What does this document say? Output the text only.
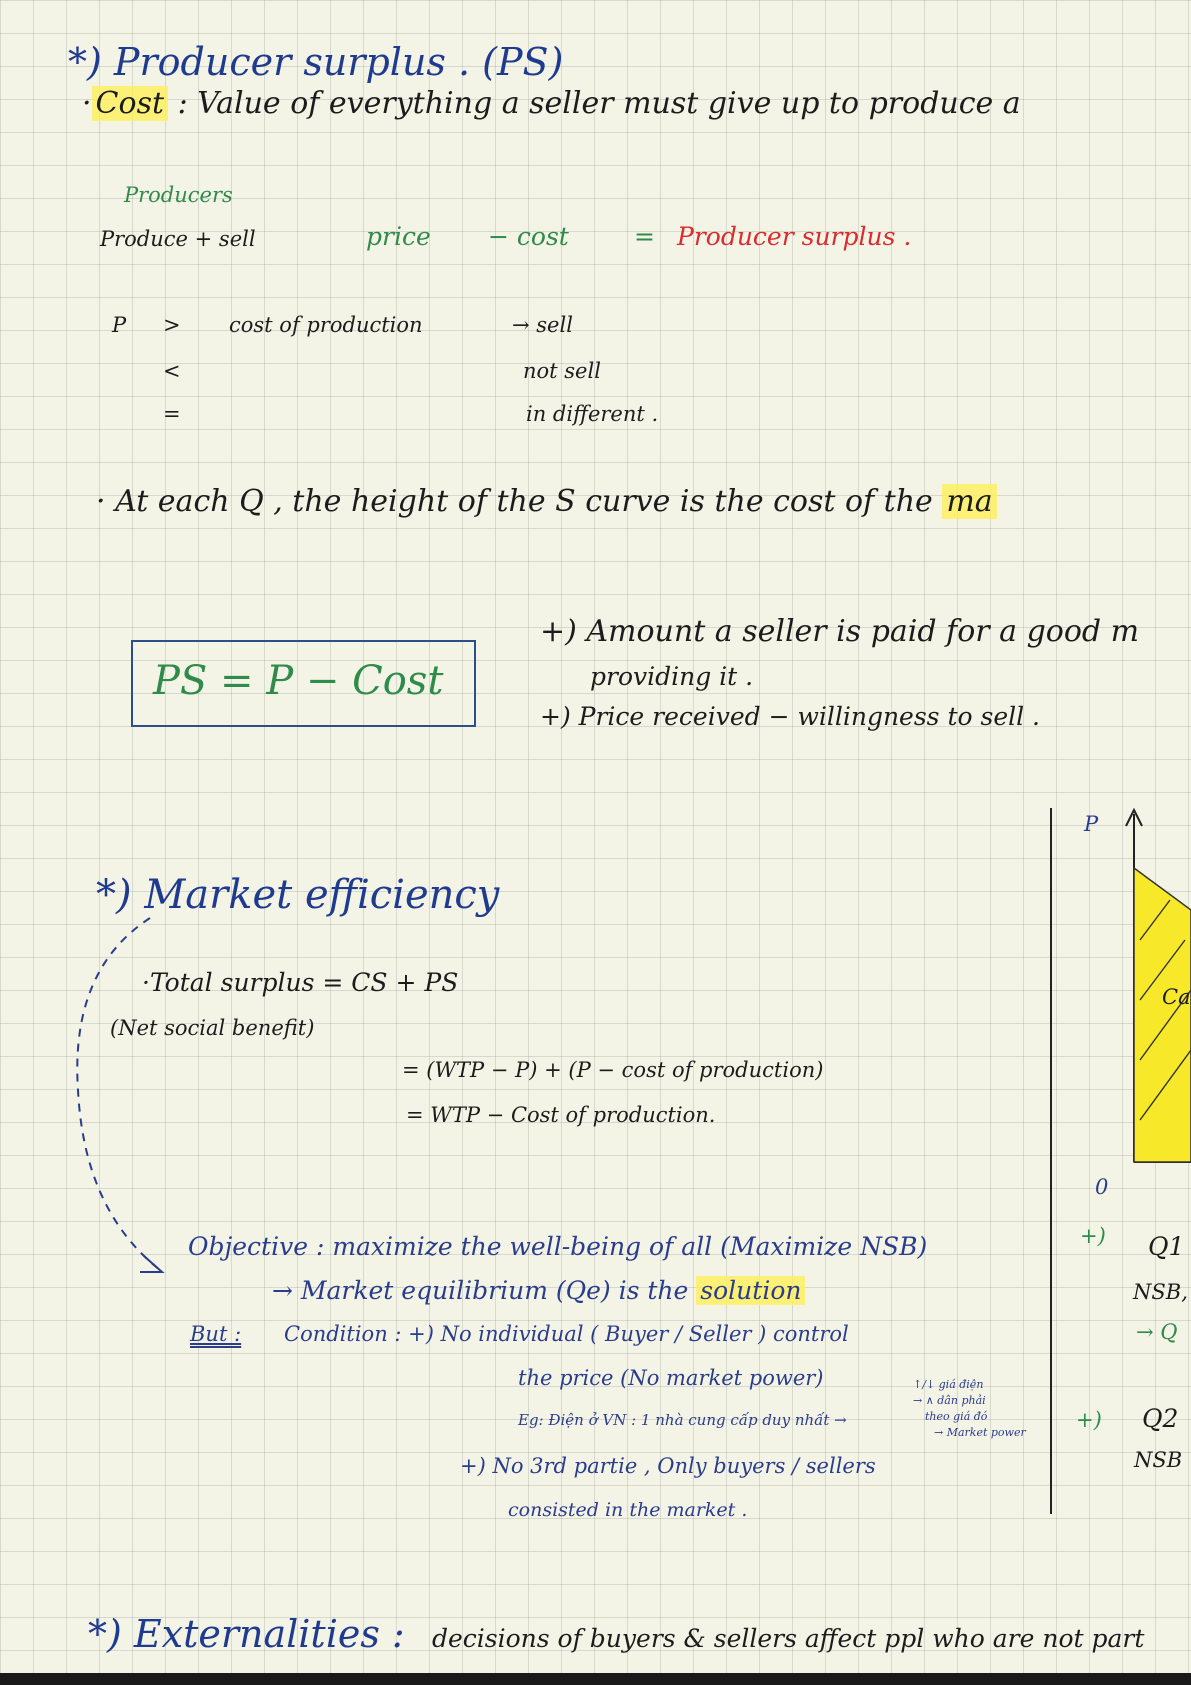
*) Producer surplus . (PS)
· Cost : Value of everything a seller must give up to produce a
Producers
Produce + sell	price − cost	= Producer surplus .
P > cost of production	→ sell
<	not sell
=	in different .
· At each Q , the height of the S curve is the cost of the ma
PS = P − Cost
+) Amount a seller is paid for a good m
providing it .
+) Price received − willingness to sell .
*) Market efficiency
·Total surplus = CS + PS
(Net social benefit)
= (WTP − P) + (P − cost of production)
= WTP − Cost of production.
Objective : maximize the well-being of all (Maximize NSB)
→ Market equilibrium (Qe) is the solution
But : Condition : +) No individual ( Buyer / Seller ) control
the price (No market power)
Eg: Điện ở VN : 1 nhà cung cấp duy nhất →
↑/↓ giá điện
→ ∧ dân phải
theo giá đó
→ Market power
+) No 3rd partie , Only buyers / sellers
consisted in the market .
P
0
Ca
+) Q1
NSB,
→ Q
+) Q2
NSB
*) Externalities : decisions of buyers & sellers affect ppl who are not part
